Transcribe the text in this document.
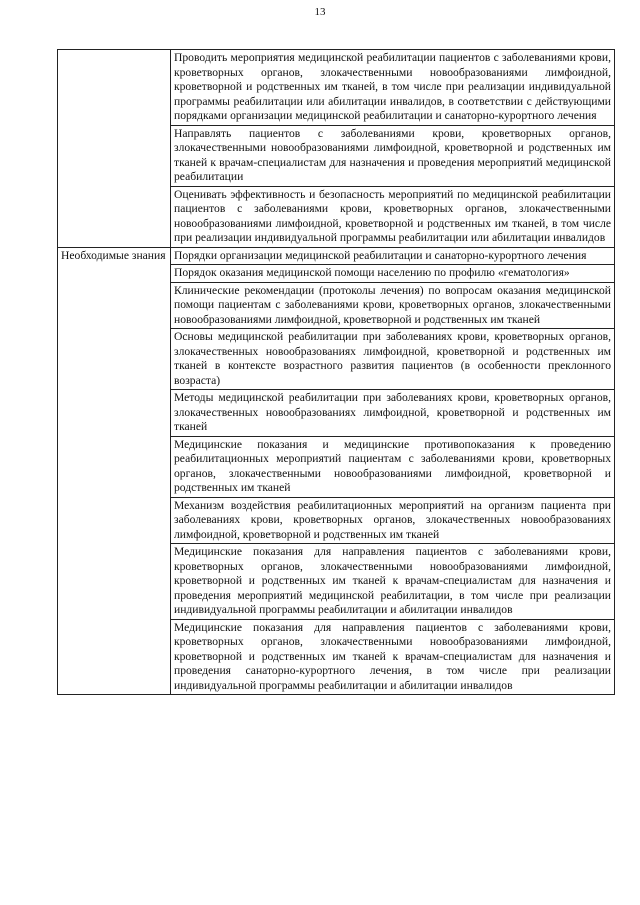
13
	Проводить мероприятия медицинской реабилитации пациентов с заболеваниями крови, кроветворных органов, злокачественными новообразованиями лимфоидной, кроветворной и родственных им тканей, в том числе при реализации индивидуальной программы реабилитации или абилитации инвалидов, в соответствии с действующими порядками организации медицинской реабилитации и санаторно-курортного лечения
	Направлять пациентов с заболеваниями крови, кроветворных органов, злокачественными новообразованиями лимфоидной, кроветворной и родственных им тканей к врачам-специалистам для назначения и проведения мероприятий медицинской реабилитации
	Оценивать эффективность и безопасность мероприятий по медицинской реабилитации пациентов с заболеваниями крови, кроветворных органов, злокачественными новообразованиями лимфоидной, кроветворной и родственных им тканей, в том числе при реализации индивидуальной программы реабилитации или абилитации инвалидов
Необходимые знания	Порядки организации медицинской реабилитации и санаторно-курортного лечения
	Порядок оказания медицинской помощи населению по профилю «гематология»
	Клинические рекомендации (протоколы лечения) по вопросам оказания медицинской помощи пациентам с заболеваниями крови, кроветворных органов, злокачественными новообразованиями лимфоидной, кроветворной и родственных им тканей
	Основы медицинской реабилитации при заболеваниях крови, кроветворных органов, злокачественных новообразованиях лимфоидной, кроветворной и родственных им тканей в контексте возрастного развития пациентов (в особенности преклонного возраста)
	Методы медицинской реабилитации при заболеваниях крови, кроветворных органов, злокачественных новообразованиях лимфоидной, кроветворной и родственных им тканей
	Медицинские показания и медицинские противопоказания к проведению реабилитационных мероприятий пациентам с заболеваниями крови, кроветворных органов, злокачественными новообразованиями лимфоидной, кроветворной и родственных им тканей
	Механизм воздействия реабилитационных мероприятий на организм пациента при заболеваниях крови, кроветворных органов, злокачественных новообразованиях лимфоидной, кроветворной и родственных им тканей
	Медицинские показания для направления пациентов с заболеваниями крови, кроветворных органов, злокачественными новообразованиями лимфоидной, кроветворной и родственных им тканей к врачам-специалистам для назначения и проведения мероприятий медицинской реабилитации, в том числе при реализации индивидуальной программы реабилитации и абилитации инвалидов
	Медицинские показания для направления пациентов с заболеваниями крови, кроветворных органов, злокачественными новообразованиями лимфоидной, кроветворной и родственных им тканей к врачам-специалистам для назначения и проведения санаторно-курортного лечения, в том числе при реализации индивидуальной программы реабилитации и абилитации инвалидов
